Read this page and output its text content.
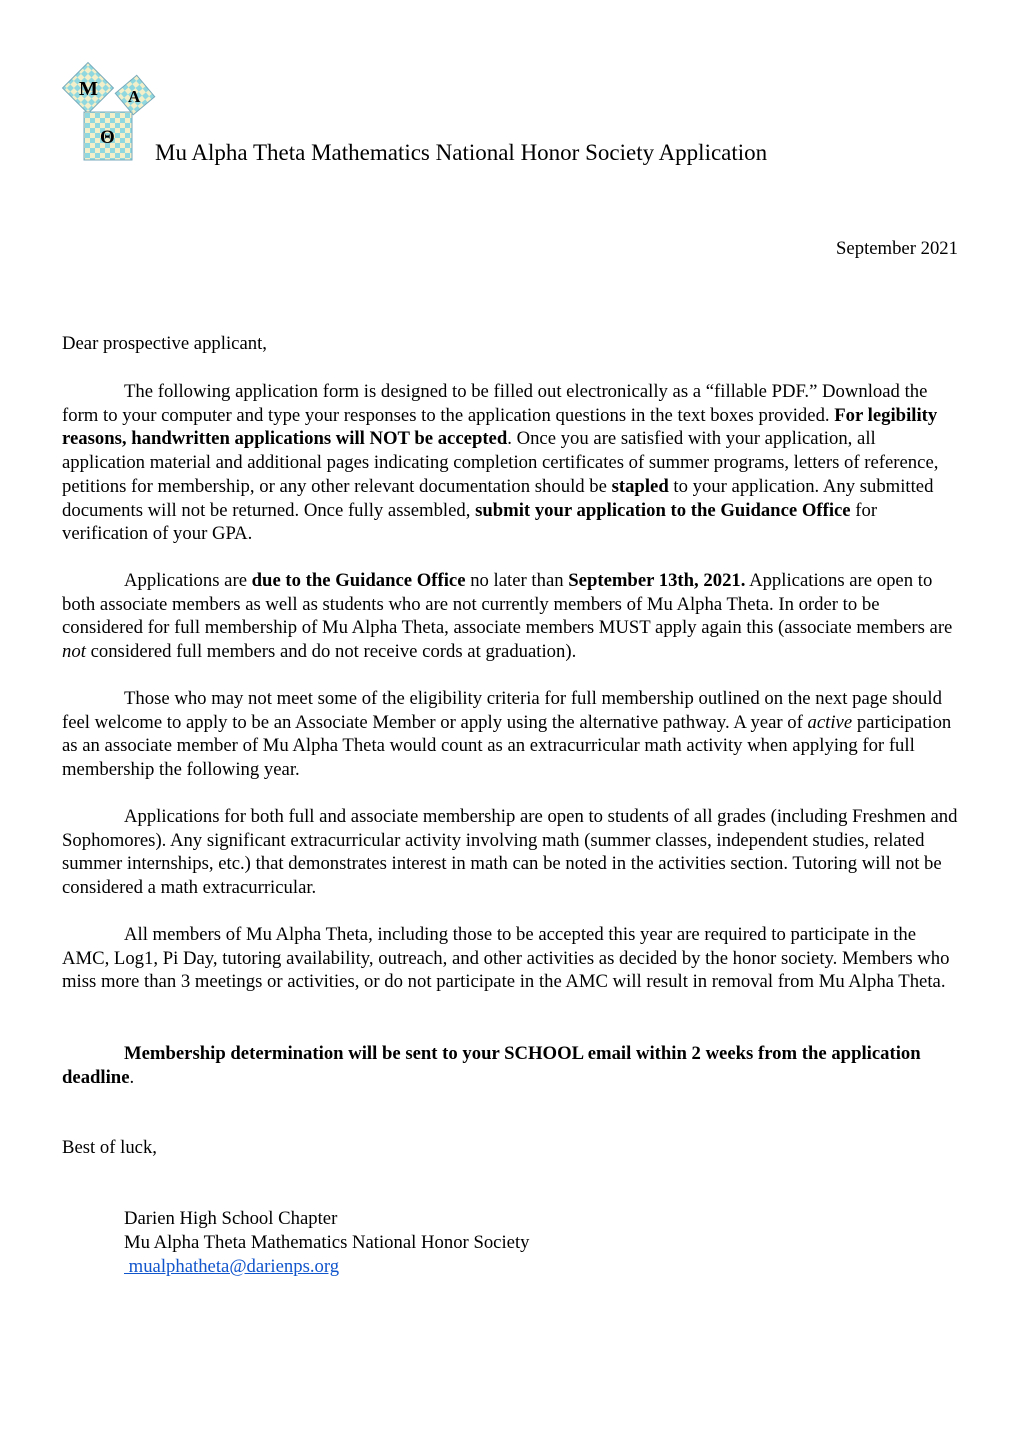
M A
Θ
Mu Alpha Theta Mathematics National Honor Society Application
September 2021
Dear prospective applicant,
The following application form is designed to be filled out electronically as a “fillable PDF.” Download the form to your computer and type your responses to the application questions in the text boxes provided. For legibility reasons, handwritten applications will NOT be accepted. Once you are satisfied with your application, all application material and additional pages indicating completion certificates of summer programs, letters of reference, petitions for membership, or any other relevant documentation should be stapled to your application. Any submitted documents will not be returned. Once fully assembled, submit your application to the Guidance Office for verification of your GPA.
Applications are due to the Guidance Office no later than September 13th, 2021. Applications are open to both associate members as well as students who are not currently members of Mu Alpha Theta. In order to be considered for full membership of Mu Alpha Theta, associate members MUST apply again this (associate members are not considered full members and do not receive cords at graduation).
Those who may not meet some of the eligibility criteria for full membership outlined on the next page should feel welcome to apply to be an Associate Member or apply using the alternative pathway. A year of active participation as an associate member of Mu Alpha Theta would count as an extracurricular math activity when applying for full membership the following year.
Applications for both full and associate membership are open to students of all grades (including Freshmen and Sophomores). Any significant extracurricular activity involving math (summer classes, independent studies, related summer internships, etc.) that demonstrates interest in math can be noted in the activities section. Tutoring will not be considered a math extracurricular.
All members of Mu Alpha Theta, including those to be accepted this year are required to participate in the AMC, Log1, Pi Day, tutoring availability, outreach, and other activities as decided by the honor society. Members who miss more than 3 meetings or activities, or do not participate in the AMC will result in removal from Mu Alpha Theta.
Membership determination will be sent to your SCHOOL email within 2 weeks from the application deadline.
Best of luck,
Darien High School Chapter
Mu Alpha Theta Mathematics National Honor Society
mualphatheta@darienps.org
